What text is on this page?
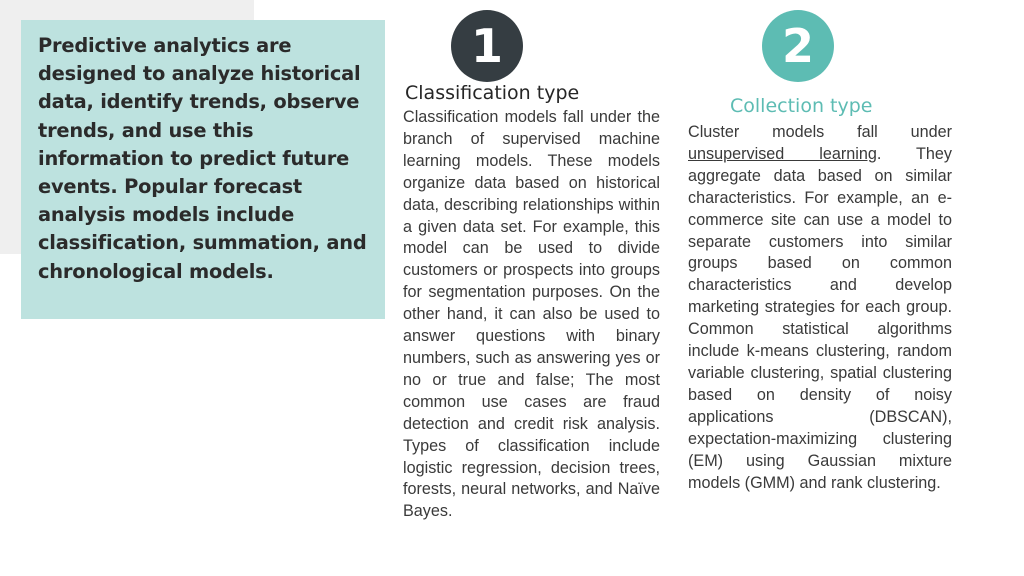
Predictive analytics are designed to analyze historical data, identify trends, observe trends, and use this information to predict future events. Popular forecast analysis models include classification, summation, and chronological models.

1
Classification type

Classification models fall under the branch of supervised machine learning models. These models organize data based on historical data, describing relationships within a given data set. For example, this model can be used to divide customers or prospects into groups for segmentation purposes. On the other hand, it can also be used to answer questions with binary numbers, such as answering yes or no or true and false; The most common use cases are fraud detection and credit risk analysis. Types of classification include logistic regression, decision trees, forests, neural networks, and Naïve Bayes.

2
Collection type

Cluster models fall under unsupervised learning. They aggregate data based on similar characteristics. For example, an e-commerce site can use a model to separate customers into similar groups based on common characteristics and develop marketing strategies for each group. Common statistical algorithms include k-means clustering, random variable clustering, spatial clustering based on density of noisy applications (DBSCAN), expectation-maximizing clustering (EM) using Gaussian mixture models (GMM) and rank clustering.
